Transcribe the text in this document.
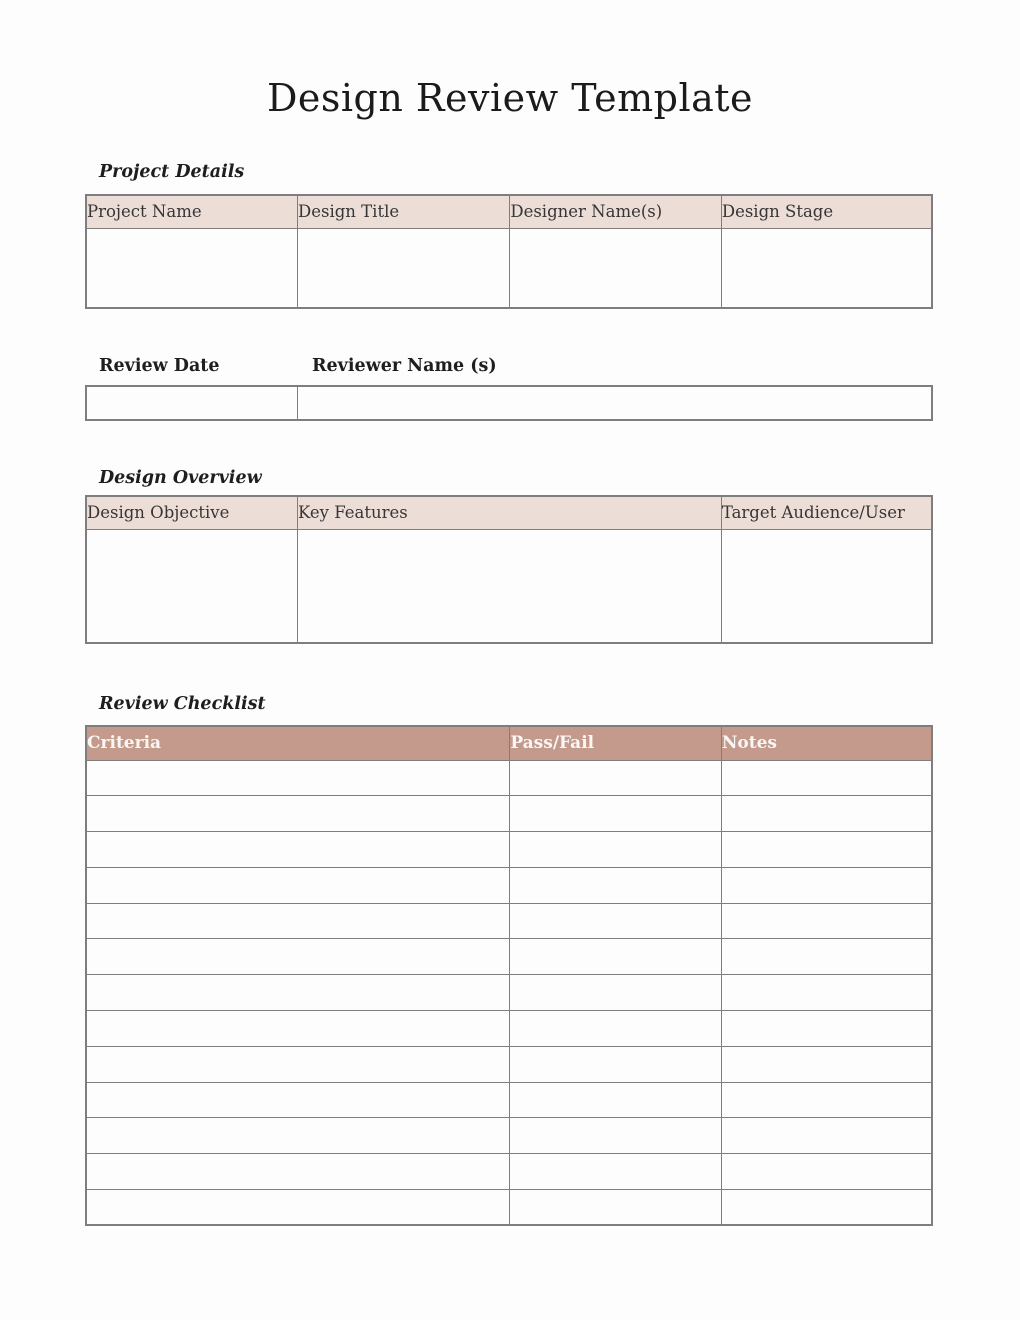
Design Review Template
Project Details
Project Name	Design Title	Designer Name(s)	Design Stage

Review Date	Reviewer Name (s)

Design Overview
Design Objective	Key Features	Target Audience/User

Review Checklist
Criteria	Pass/Fail	Notes
